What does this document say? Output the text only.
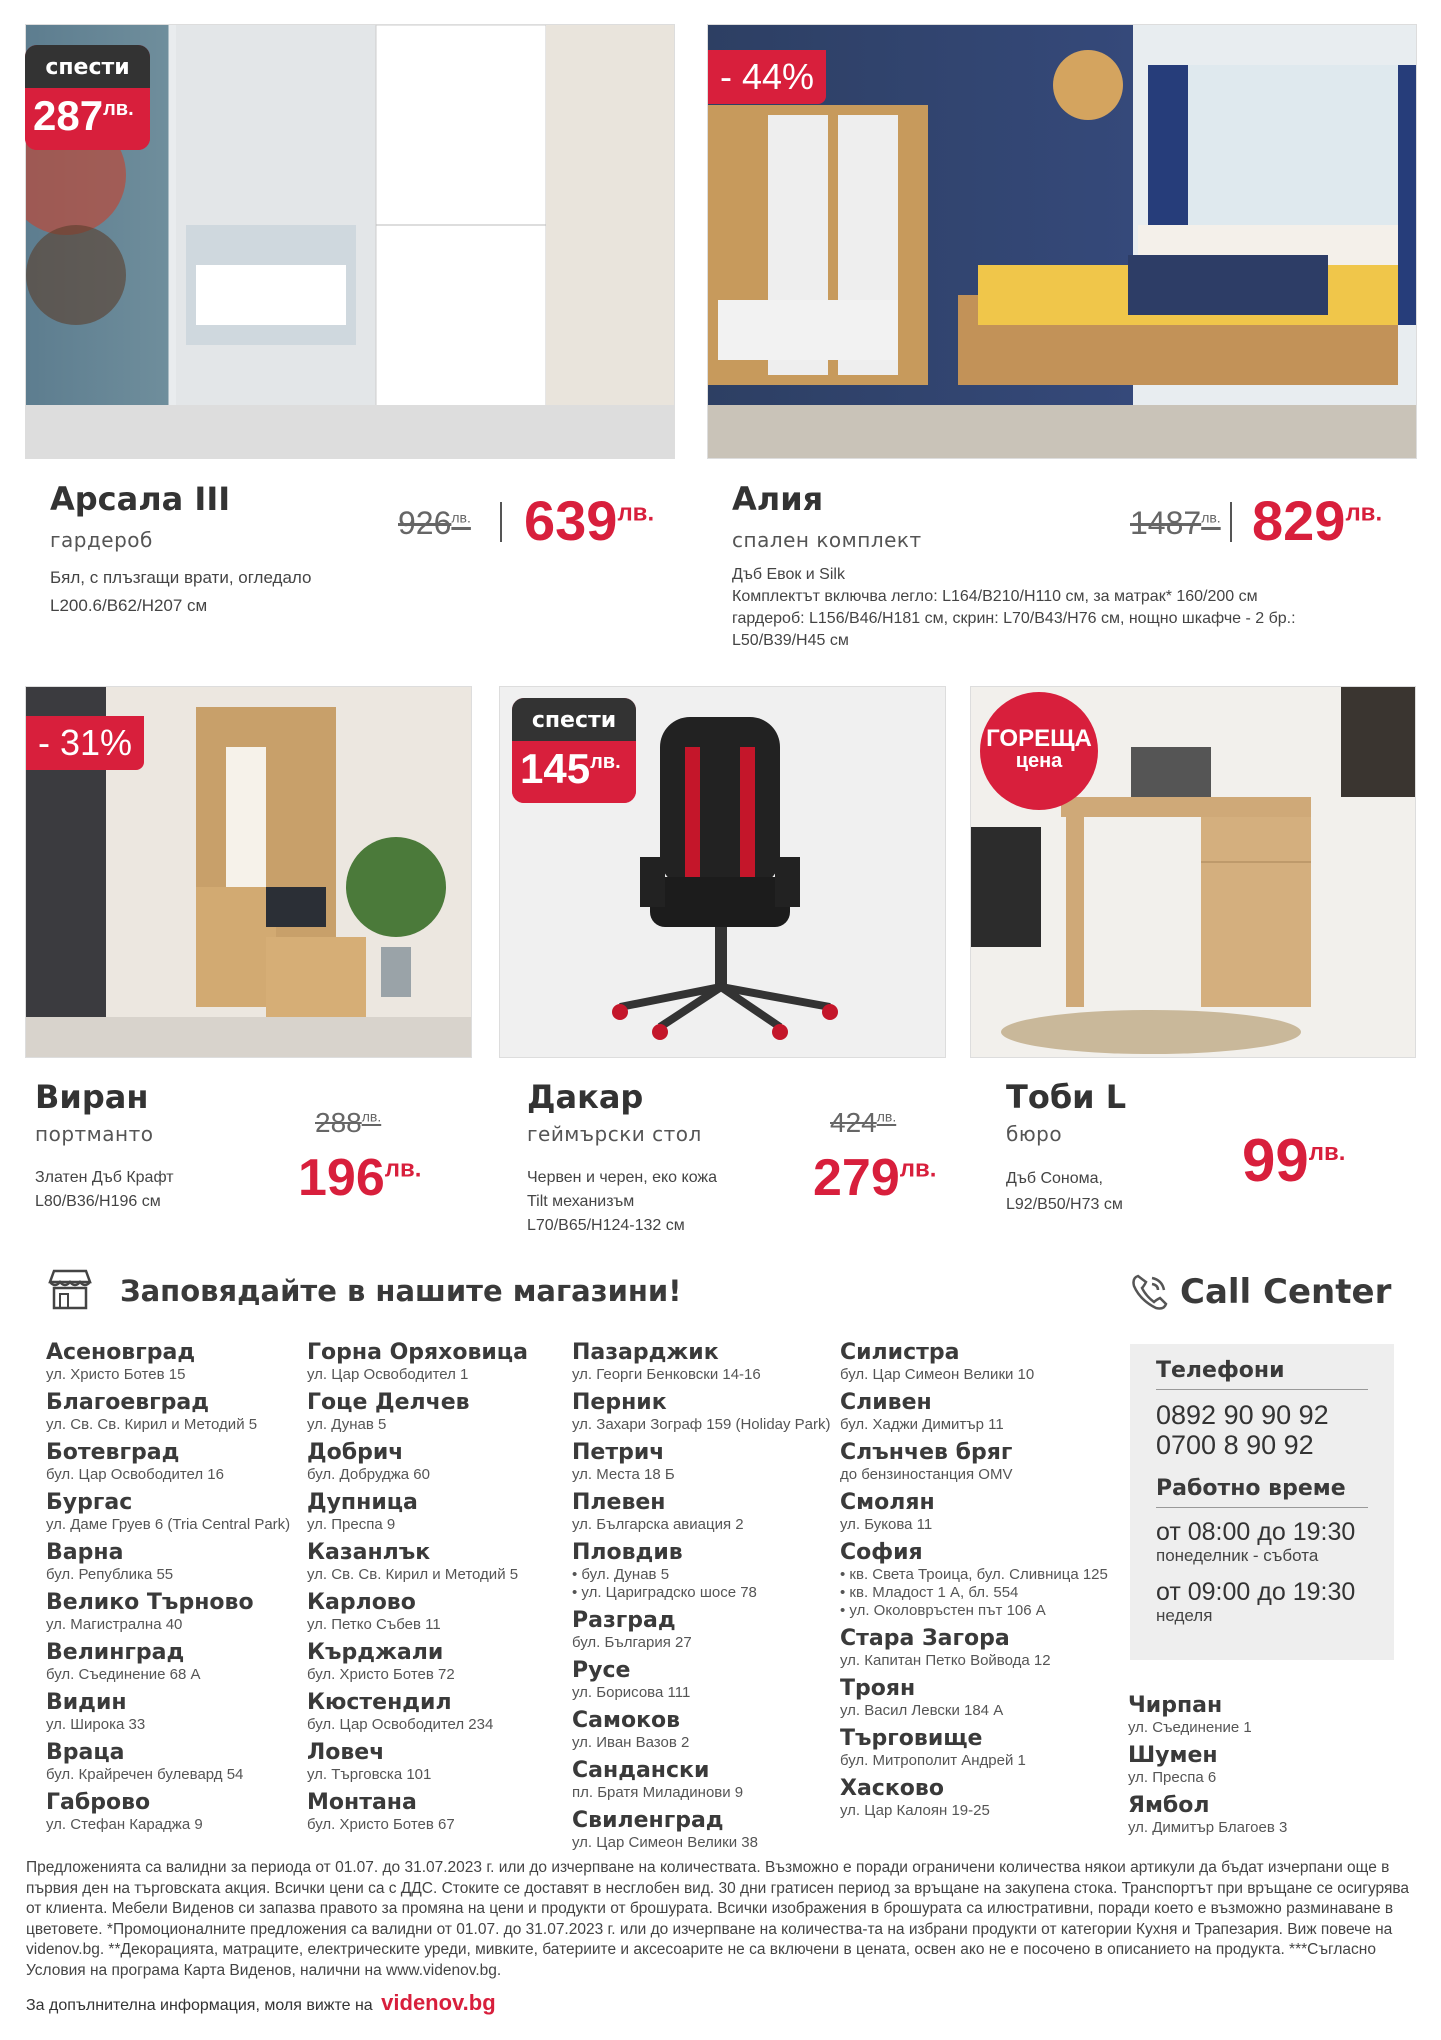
спести
$287^{лв.}$
Арсала III
гардероб
Бял, с плъзгащи врати, огледало
L200.6/B62/H207 см
$926^{лв.}$ $639^{лв.}$
- 44%
Алия
спален комплект
Дъб Евок и Silk
Комплектът включва легло: L164/B210/H110 см, за матрак* 160/200 см
гардероб: L156/B46/H181 см, скрин: L70/B43/H76 см, нощно шкафче - 2 бр.:
L50/B39/H45 см
$1487^{лв.}$ $829^{лв.}$
- 31%
Виран
портманто
Златен Дъб Крафт
L80/B36/H196 см
$288^{лв.}$
$196^{лв.}$
спести
$145^{лв.}$
Дакар
геймърски стол
Червен и черен, еко кожа
Tilt механизъм
L70/B65/H124-132 см
$424^{лв.}$
$279^{лв.}$
ГОРЕЩА
цена
Тоби L
бюро
Дъб Сонома,
L92/B50/H73 см
$99^{лв.}$
Заповядайте в нашите магазини!	Call Center
Асеновград
ул. Христо Ботев 15
Благоевград
ул. Св. Св. Кирил и Методий 5
Ботевград
бул. Цар Освободител 16
Бургас
ул. Даме Груев 6 (Tria Central Park)
Варна
бул. Република 55
Велико Търново
ул. Магистрална 40
Велинград
бул. Съединение 68 А
Видин
ул. Широка 33
Враца
бул. Крайречен булевард 54
Габрово
ул. Стефан Караджа 9
Горна Оряховица
ул. Цар Освободител 1
Гоце Делчев
ул. Дунав 5
Добрич
бул. Добруджа 60
Дупница
ул. Преспа 9
Казанлък
ул. Св. Св. Кирил и Методий 5
Карлово
ул. Петко Събев 11
Кърджали
бул. Христо Ботев 72
Кюстендил
бул. Цар Освободител 234
Ловеч
ул. Търговска 101
Монтана
бул. Христо Ботев 67
Пазарджик
ул. Георги Бенковски 14-16
Перник
ул. Захари Зограф 159 (Holiday Park)
Петрич
ул. Места 18 Б
Плевен
ул. Българска авиация 2
Пловдив
• бул. Дунав 5
• ул. Цариградско шосе 78
Разград
бул. България 27
Русе
ул. Борисова 111
Самоков
ул. Иван Вазов 2
Сандански
пл. Братя Миладинови 9
Свиленград
ул. Цар Симеон Велики 38
Силистра
бул. Цар Симеон Велики 10
Сливен
бул. Хаджи Димитър 11
Слънчев бряг
до бензиностанция OMV
Смолян
ул. Букова 11
София
• кв. Света Троица, бул. Сливница 125
• кв. Младост 1 А, бл. 554
• ул. Околовръстен път 106 А
Стара Загора
ул. Капитан Петко Войвода 12
Троян
ул. Васил Левски 184 А
Търговище
бул. Митрополит Андрей 1
Хасково
ул. Цар Калоян 19-25
Чирпан
ул. Съединение 1
Шумен
ул. Преспа 6
Ямбол
ул. Димитър Благоев 3
Телефони
0892 90 90 92
0700 8 90 92
Работно време
от 08:00 до 19:30
понеделник - събота
от 09:00 до 19:30
неделя
Предложенията са валидни за периода от 01.07. до 31.07.2023 г. или до изчерпване на количествата. Възможно е поради ограничени количества някои артикули да бъдат изчерпани още в първия ден на търговската акция. Всички цени са с ДДС. Стоките се доставят в несглобен вид. 30 дни гратисен период за връщане на закупена стока. Транспортът при връщане се осигурява от клиента. Мебели Виденов си запазва правото за промяна на цени и продукти от брошурата. Всички изображения в брошурата са илюстративни, поради което е възможно разминаване в цветовете. *Промоционалните предложения са валидни от 01.07. до 31.07.2023 г. или до изчерпване на количества-та на избрани продукти от категории Кухня и Трапезария. Виж повече на videnov.bg. **Декорацията, матраците, електрическите уреди, мивките, батериите и аксесоарите не са включени в цената, освен ако не е посочено в описанието на продукта. ***Съгласно Условия на програма Карта Виденов, налични на www.videnov.bg.
За допълнителна информация, моля вижте на videnov.bg
